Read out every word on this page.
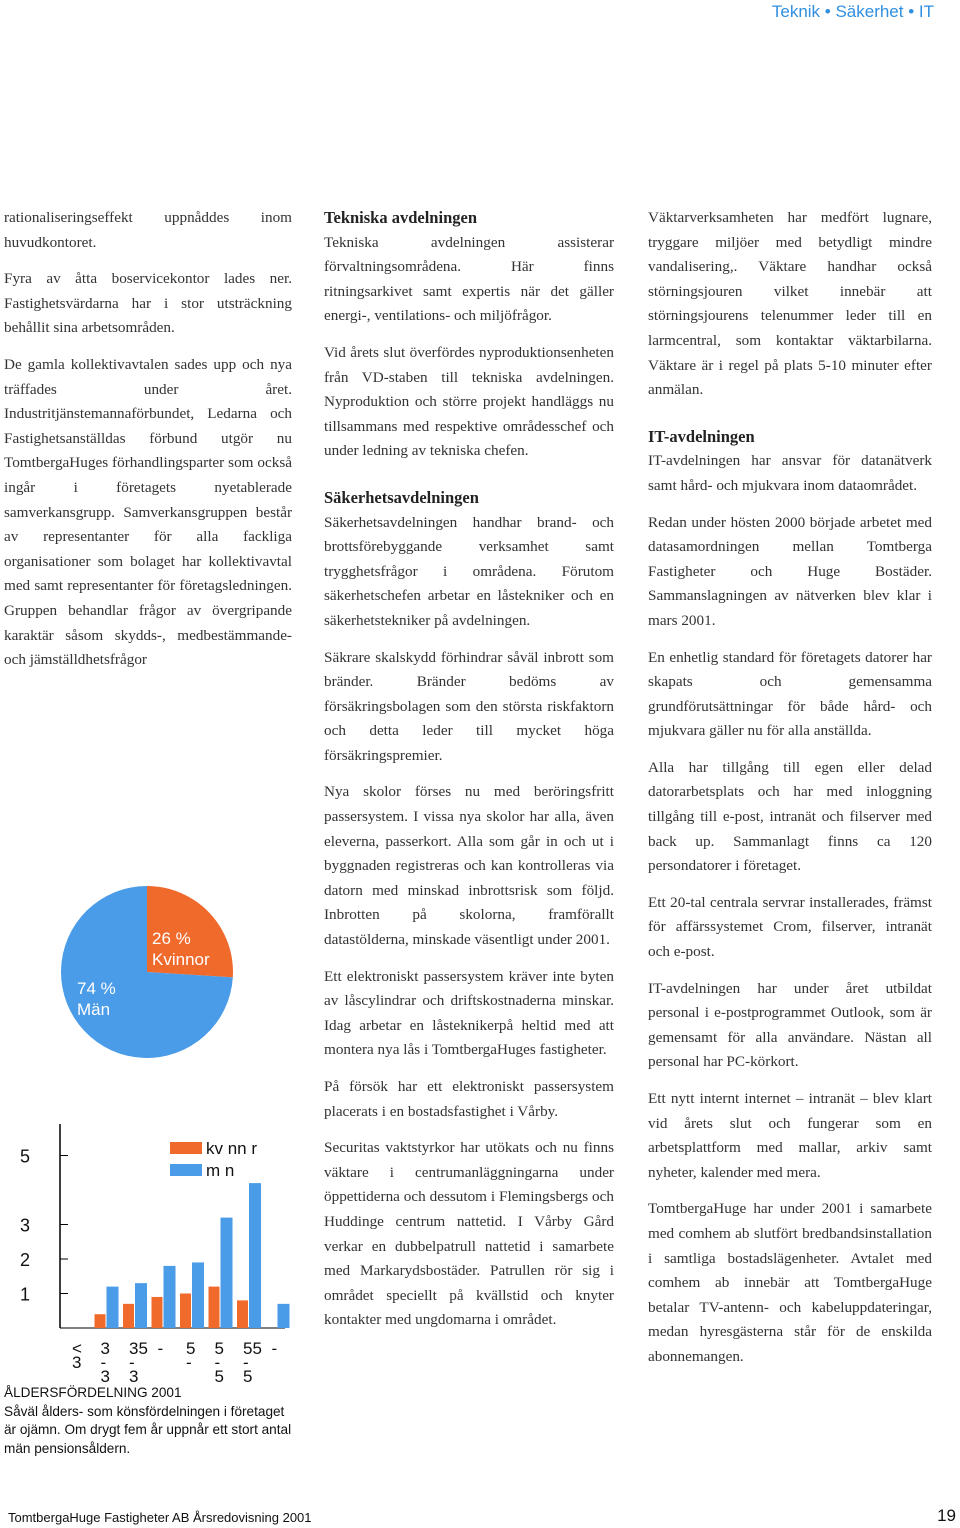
Teknik • Säkerhet • IT

rationaliseringseffekt uppnåddes inom huvudkontoret.

Fyra av åtta boservicekontor lades ner. Fastighetsvärdarna har i stor utsträckning behållit sina arbetsområden.

De gamla kollektivavtalen sades upp och nya träffades under året. Industritjänstemannaförbundet, Ledarna och Fastighetsanställdas förbund utgör nu TomtbergaHuges förhandlingsparter som också ingår i företagets nyetablerade samverkansgrupp. Samverkansgruppen består av representanter för alla fackliga organisationer som bolaget har kollektivavtal med samt representanter för företagsledningen. Gruppen behandlar frågor av övergripande karaktär såsom skydds-, medbestämmande- och jämställdhetsfrågor

Tekniska avdelningen

Tekniska avdelningen assisterar förvaltningsområdena. Här finns ritningsarkivet samt expertis när det gäller energi-, ventilations- och miljöfrågor.

Vid årets slut överfördes nyproduktionsenheten från VD-staben till tekniska avdelningen. Nyproduktion och större projekt handläggs nu tillsammans med respektive områdesschef och under ledning av tekniska chefen.

Säkerhetsavdelningen

Säkerhetsavdelningen handhar brand- och brottsförebyggande verksamhet samt trygghetsfrågor i områdena. Förutom säkerhetschefen arbetar en låstekniker och en säkerhetstekniker på avdelningen.

Säkrare skalskydd förhindrar såväl inbrott som bränder. Bränder bedöms av försäkringsbolagen som den största riskfaktorn och detta leder till mycket höga försäkringspremier.

Nya skolor förses nu med beröringsfritt passersystem. I vissa nya skolor har alla, även eleverna, passerkort. Alla som går in och ut i byggnaden registreras och kan kontrolleras via datorn med minskad inbrottsrisk som följd. Inbrotten på skolorna, framförallt datastölderna, minskade väsentligt under 2001.

Ett elektroniskt passersystem kräver inte byten av låscylindrar och driftskostnaderna minskar. Idag arbetar en låsteknikerpå heltid med att montera nya lås i TomtbergaHuges fastigheter.

På försök har ett elektroniskt passersystem placerats i en bostadsfastighet i Vårby.

Securitas vaktstyrkor har utökats och nu finns väktare i centrumanläggningarna under öppettiderna och dessutom i Flemingsbergs och Huddinge centrum nattetid. I Vårby Gård verkar en dubbelpatrull nattetid i samarbete med Markarydsbostäder. Patrullen rör sig i området speciellt på kvällstid och knyter kontakter med ungdomarna i området.

Väktarverksamheten har medfört lugnare, tryggare miljöer med betydligt mindre vandalisering,. Väktare handhar också störningsjouren vilket innebär att störningsjourens telenummer leder till en larmcentral, som kontaktar väktarbilarna. Väktare är i regel på plats 5-10 minuter efter anmälan.

IT-avdelningen

IT-avdelningen har ansvar för datanätverk samt hård- och mjukvara inom dataområdet.

Redan under hösten 2000 började arbetet med datasamordningen mellan Tomtberga Fastigheter och Huge Bostäder. Sammanslagningen av nätverken blev klar i mars 2001.

En enhetlig standard för företagets datorer har skapats och gemensamma grundförutsättningar för både hård- och mjukvara gäller nu för alla anställda.

Alla har tillgång till egen eller delad datorarbetsplats och har med inloggning tillgång till e-post, intranät och filserver med back up. Sammanlagt finns ca 120 persondatorer i företaget.

Ett 20-tal centrala servrar installerades, främst för affärssystemet Crom, filserver, intranät och e-post.

IT-avdelningen har under året utbildat personal i e-postprogrammet Outlook, som är gemensamt för alla användare. Nästan all personal har PC-körkort.

Ett nytt internt internet – intranät – blev klart vid årets slut och fungerar som en arbetsplattform med mallar, arkiv samt nyheter, kalender med mera.

TomtbergaHuge har under 2001 i samarbete med comhem ab slutfört bredbandsinstallation i samtliga bostadslägenheter. Avtalet med comhem ab innebär att TomtbergaHuge betalar TV-antenn- och kabeluppdateringar, medan hyresgästerna står för de enskilda abonnemangen.

26 %
Kvinnor
74 %
Män
1
2
3
5
<
3
3
-
3
35
-
3
- 5
-
5
-
5
55
-
5
-
kv nn r
m n
ÅLDERSFÖRDELNING 2001
Såväl ålders- som könsfördelningen i företaget är ojämn. Om drygt fem år uppnår ett stort antal män pensionsåldern.
TomtbergaHuge Fastigheter AB Årsredovisning 2001	19
